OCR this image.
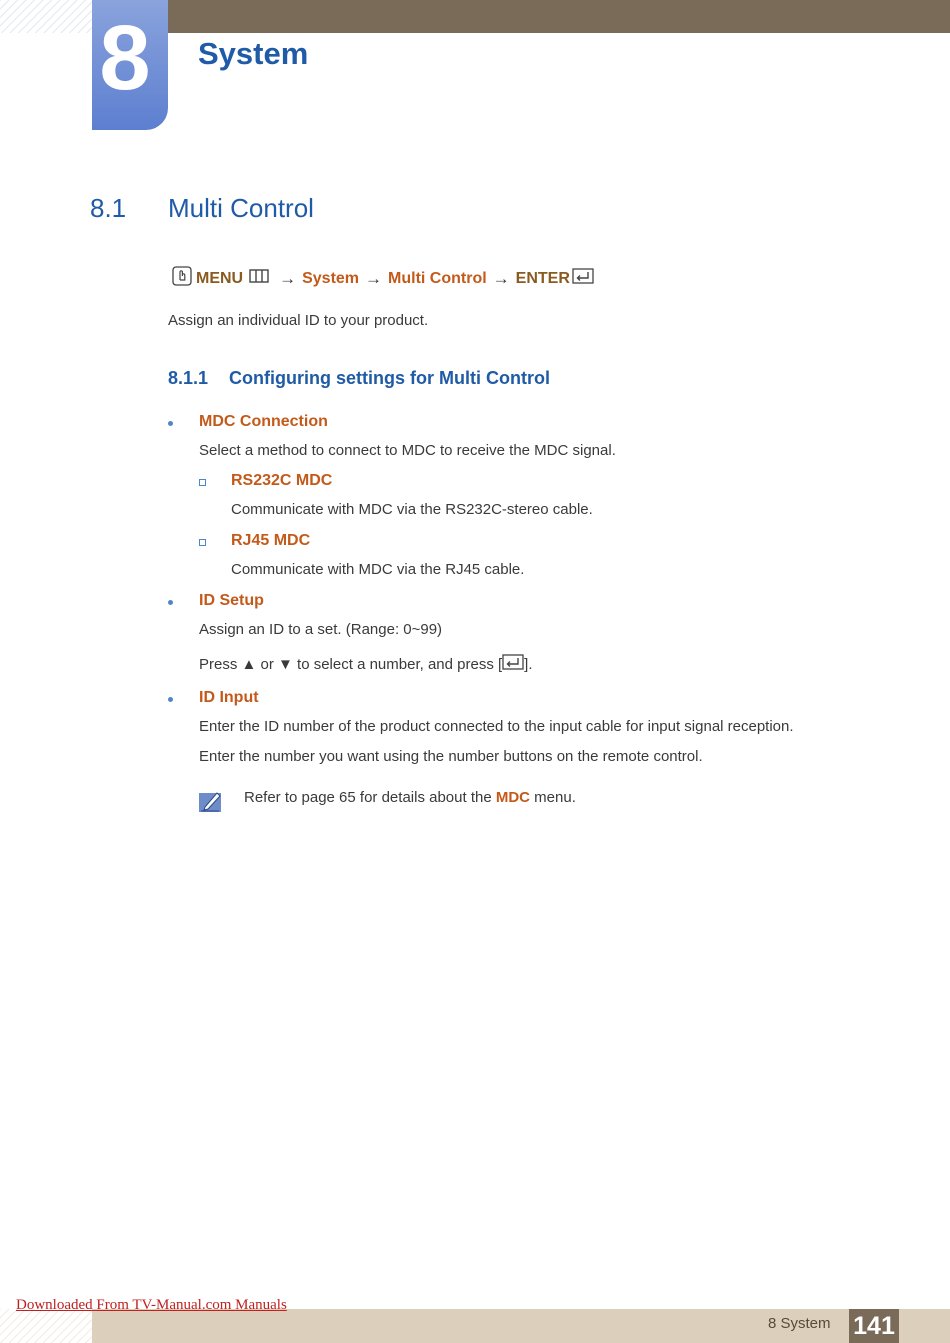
8 System
8.1 Multi Control
MENU → System → Multi Control → ENTER
Assign an individual ID to your product.
8.1.1 Configuring settings for Multi Control
MDC Connection
Select a method to connect to MDC to receive the MDC signal.
RS232C MDC
Communicate with MDC via the RS232C-stereo cable.
RJ45 MDC
Communicate with MDC via the RJ45 cable.
ID Setup
Assign an ID to a set. (Range: 0~99)
Press ▲ or ▼ to select a number, and press [ ].
ID Input
Enter the ID number of the product connected to the input cable for input signal reception.
Enter the number you want using the number buttons on the remote control.
Refer to page 65 for details about the MDC menu.
8 System 141
Downloaded From TV-Manual.com Manuals
